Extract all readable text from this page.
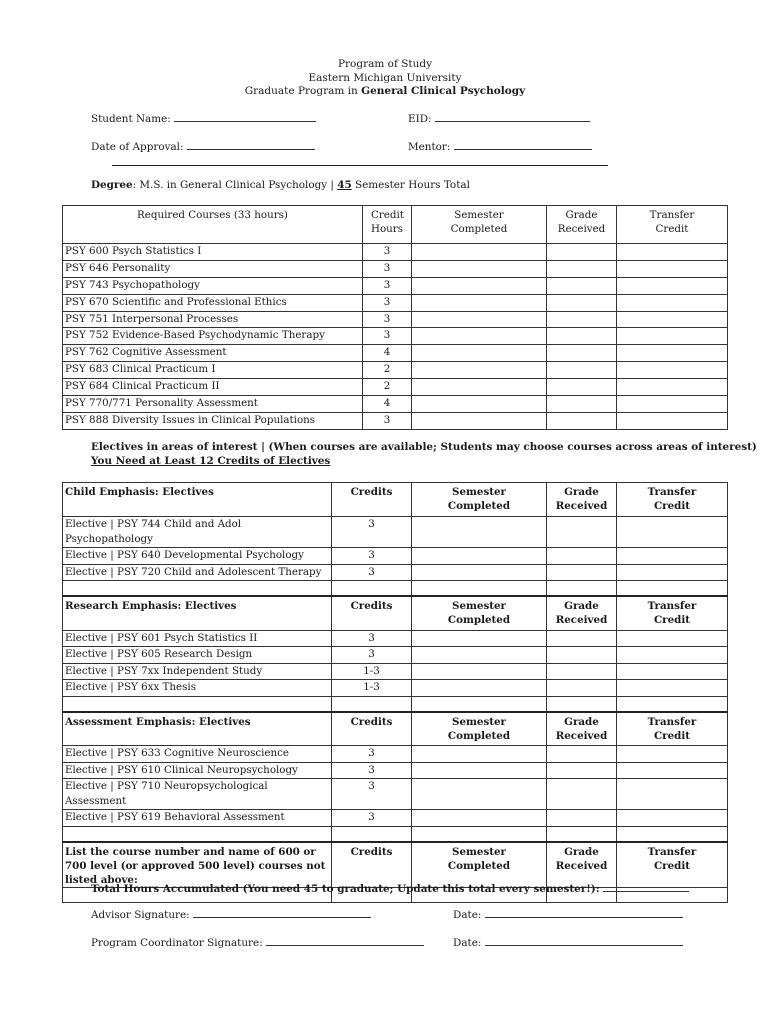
Program of Study
Eastern Michigan University
Graduate Program in General Clinical Psychology
Student Name:	EID:
Date of Approval:	Mentor:
Degree: M.S. in General Clinical Psychology | 45 Semester Hours Total
Required Courses (33 hours)	Credit Hours	Semester Completed	Grade Received	Transfer Credit
PSY 600 Psych Statistics I	3			
PSY 646 Personality	3			
PSY 743 Psychopathology	3			
PSY 670 Scientific and Professional Ethics	3			
PSY 751 Interpersonal Processes	3			
PSY 752 Evidence-Based Psychodynamic Therapy	3			
PSY 762 Cognitive Assessment	4			
PSY 683 Clinical Practicum I	2			
PSY 684 Clinical Practicum II	2			
PSY 770/771 Personality Assessment	4			
PSY 888 Diversity Issues in Clinical Populations	3			
Electives in areas of interest | (When courses are available; Students may choose courses across areas of interest)
You Need at Least 12 Credits of Electives
Child Emphasis: Electives	Credits	Semester Completed	Grade Received	Transfer Credit
Elective | PSY 744 Child and Adol Psychopathology	3			
Elective | PSY 640 Developmental Psychology	3			
Elective | PSY 720 Child and Adolescent Therapy	3			

Research Emphasis: Electives	Credits	Semester Completed	Grade Received	Transfer Credit
Elective | PSY 601 Psych Statistics II	3			
Elective | PSY 605 Research Design	3			
Elective | PSY 7xx Independent Study	1-3			
Elective | PSY 6xx Thesis	1-3			

Assessment Emphasis: Electives	Credits	Semester Completed	Grade Received	Transfer Credit
Elective | PSY 633 Cognitive Neuroscience	3			
Elective | PSY 610 Clinical Neuropsychology	3			
Elective | PSY 710 Neuropsychological Assessment	3			
Elective | PSY 619 Behavioral Assessment	3			

List the course number and name of 600 or 700 level (or approved 500 level) courses not listed above:	Credits	Semester Completed	Grade Received	Transfer Credit

Total Hours Accumulated (You need 45 to graduate; Update this total every semester!):
Advisor Signature:	Date:
Program Coordinator Signature:	Date:
